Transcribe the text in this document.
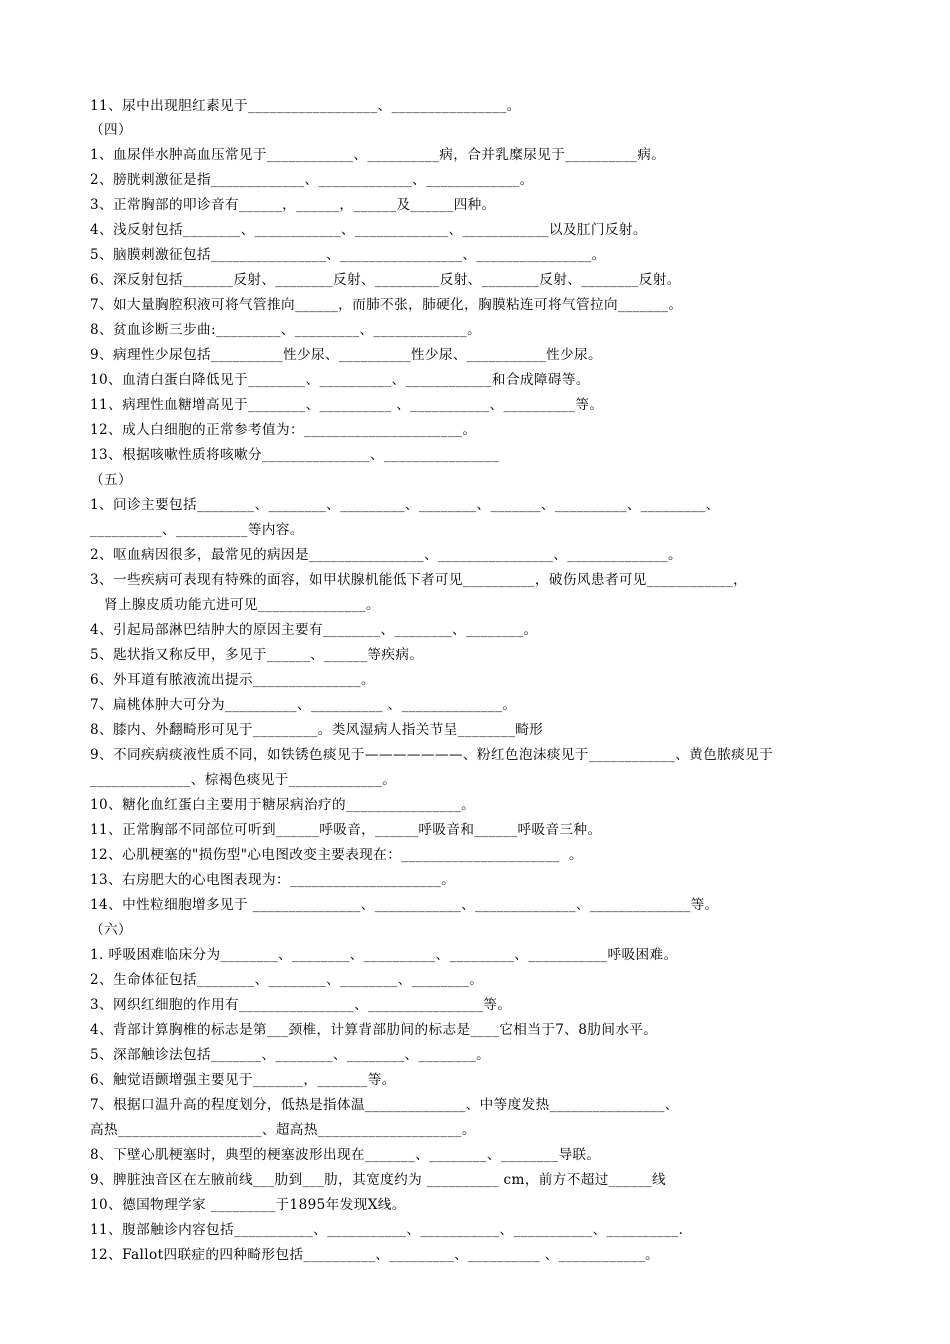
11、尿中出现胆红素见于__________________、________________。
（四）
1、血尿伴水肿高血压常见于____________、__________病，合并乳糜尿见于__________病。
2、膀胱刺激征是指_____________、_____________、_____________。
3、正常胸部的叩诊音有______，______，______及______四种。
4、浅反射包括________、____________、_____________、____________以及肛门反射。
5、脑膜刺激征包括________________、_________________、________________。
6、深反射包括_______反射、________反射、_________反射、________反射、________反射。
7、如大量胸腔积液可将气管推向______，而肺不张，肺硬化，胸膜粘连可将气管拉向_______。
8、贫血诊断三步曲:_________、_________、_____________。
9、病理性少尿包括__________性少尿、__________性少尿、___________性少尿。
10、血清白蛋白降低见于________、__________、____________和合成障碍等。
11、病理性血糖增高见于________、__________ 、___________、__________等。
12、成人白细胞的正常参考值为：______________________。
13、根据咳嗽性质将咳嗽分_______________、________________
（五）
1、问诊主要包括________、________、_________、________、_______、__________、_________、
__________、__________等内容。
2、呕血病因很多，最常见的病因是________________、________________、______________。
3、一些疾病可表现有特殊的面容，如甲状腺机能低下者可见__________，破伤风患者可见____________，
肾上腺皮质功能亢进可见_______________。
4、引起局部淋巴结肿大的原因主要有________、________、________。
5、匙状指又称反甲，多见于______、______等疾病。
6、外耳道有脓液流出提示_______________。
7、扁桃体肿大可分为__________、__________ 、______________。
8、膝内、外翻畸形可见于_________。类风湿病人指关节呈________畸形
9、不同疾病痰液性质不同，如铁锈色痰见于———————、粉红色泡沫痰见于____________、黄色脓痰见于
______________、棕褐色痰见于_____________。
10、糖化血红蛋白主要用于糖尿病治疗的________________。
11、正常胸部不同部位可听到______呼吸音，______呼吸音和______呼吸音三种。
12、心肌梗塞的"损伤型"心电图改变主要表现在：______________________  。
13、右房肥大的心电图表现为：_____________________。
14、中性粒细胞增多见于 _______________、____________、______________、______________等。
（六）
1. 呼吸困难临床分为________、________、__________、_________、___________呼吸困难。
2、生命体征包括________、________、________、________。
3、网织红细胞的作用有________________、________________等。
4、背部计算胸椎的标志是第___颈椎，计算背部肋间的标志是____它相当于7、8肋间水平。
5、深部触诊法包括_______、________、________、________。
6、触觉语颤增强主要见于_______，_______等。
7、根据口温升高的程度划分，低热是指体温______________、中等度发热________________、
高热____________________、超高热____________________。
8、下壁心肌梗塞时，典型的梗塞波形出现在_______、________、________导联。
9、脾脏浊音区在左腋前线___肋到___肋，其宽度约为 __________ cm，前方不超过______线
10、德国物理学家 _________于1895年发现X线。
11、腹部触诊内容包括___________、___________、___________、___________、__________.
12、Fallot四联症的四种畸形包括__________、_________、__________ 、____________。
